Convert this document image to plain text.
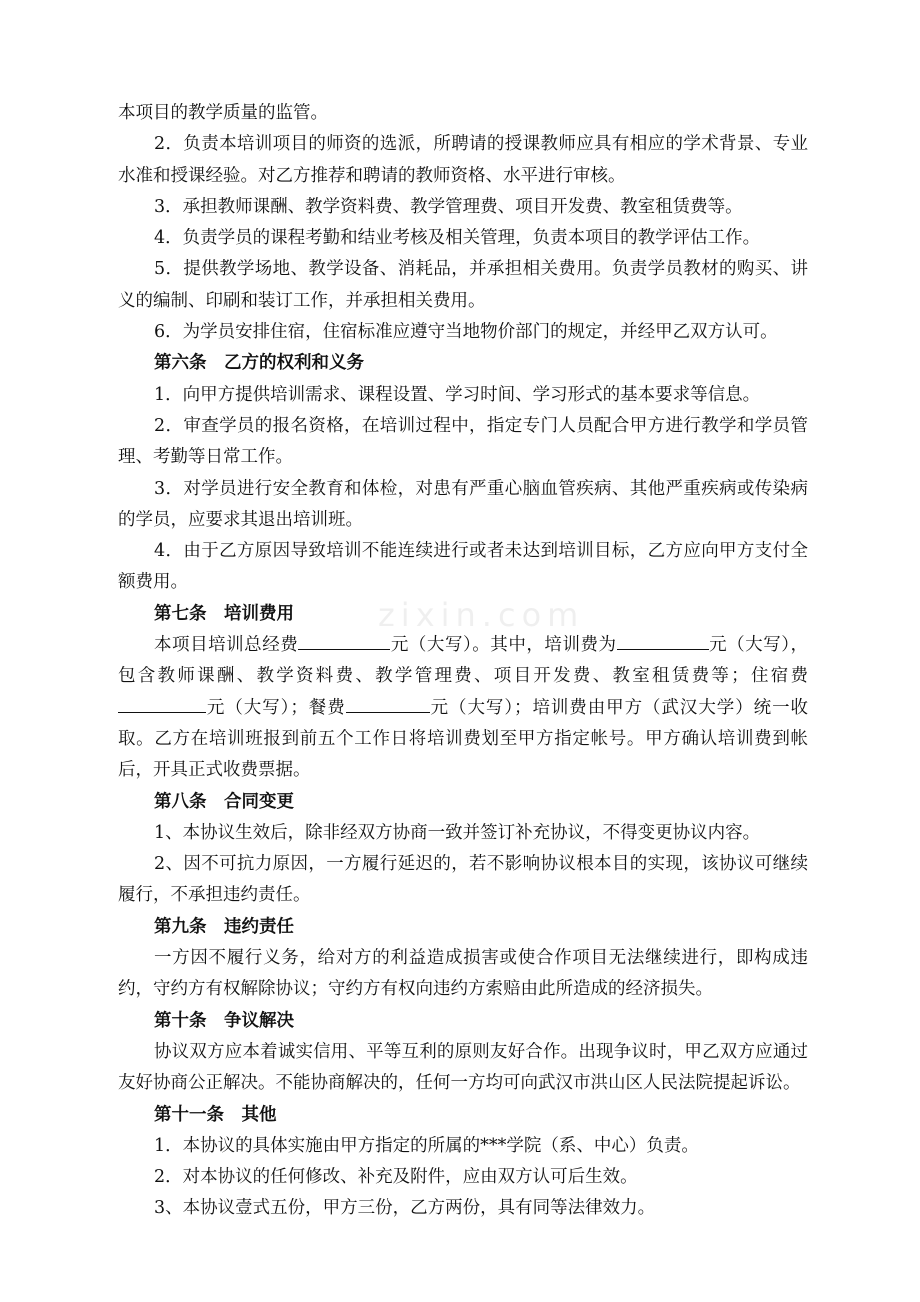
zixin.com
本项目的教学质量的监管。
2．负责本培训项目的师资的选派，所聘请的授课教师应具有相应的学术背景、专业水准和授课经验。对乙方推荐和聘请的教师资格、水平进行审核。
3．承担教师课酬、教学资料费、教学管理费、项目开发费、教室租赁费等。
4．负责学员的课程考勤和结业考核及相关管理，负责本项目的教学评估工作。
5．提供教学场地、教学设备、消耗品，并承担相关费用。负责学员教材的购买、讲义的编制、印刷和装订工作，并承担相关费用。
6．为学员安排住宿，住宿标准应遵守当地物价部门的规定，并经甲乙双方认可。
第六条　乙方的权利和义务
1．向甲方提供培训需求、课程设置、学习时间、学习形式的基本要求等信息。
2．审查学员的报名资格，在培训过程中，指定专门人员配合甲方进行教学和学员管理、考勤等日常工作。
3．对学员进行安全教育和体检，对患有严重心脑血管疾病、其他严重疾病或传染病的学员，应要求其退出培训班。
4．由于乙方原因导致培训不能连续进行或者未达到培训目标，乙方应向甲方支付全额费用。
第七条　培训费用
本项目培训总经费	元（大写）。其中，培训费为	元（大写），包含教师课酬、教学资料费、教学管理费、项目开发费、教室租赁费等；住宿费元（大写）；餐费	元（大写）；培训费由甲方（武汉大学）统一收取。乙方在培训班报到前五个工作日将培训费划至甲方指定帐号。甲方确认培训费到帐后，开具正式收费票据。
第八条　合同变更
1、本协议生效后，除非经双方协商一致并签订补充协议，不得变更协议内容。
2、因不可抗力原因，一方履行延迟的，若不影响协议根本目的实现，该协议可继续履行，不承担违约责任。
第九条　违约责任
一方因不履行义务，给对方的利益造成损害或使合作项目无法继续进行，即构成违约，守约方有权解除协议；守约方有权向违约方索赔由此所造成的经济损失。
第十条　争议解决
协议双方应本着诚实信用、平等互利的原则友好合作。出现争议时，甲乙双方应通过友好协商公正解决。不能协商解决的，任何一方均可向武汉市洪山区人民法院提起诉讼。
第十一条　其他
1．本协议的具体实施由甲方指定的所属的***学院（系、中心）负责。
2．对本协议的任何修改、补充及附件，应由双方认可后生效。
3、本协议壹式五份，甲方三份，乙方两份，具有同等法律效力。
